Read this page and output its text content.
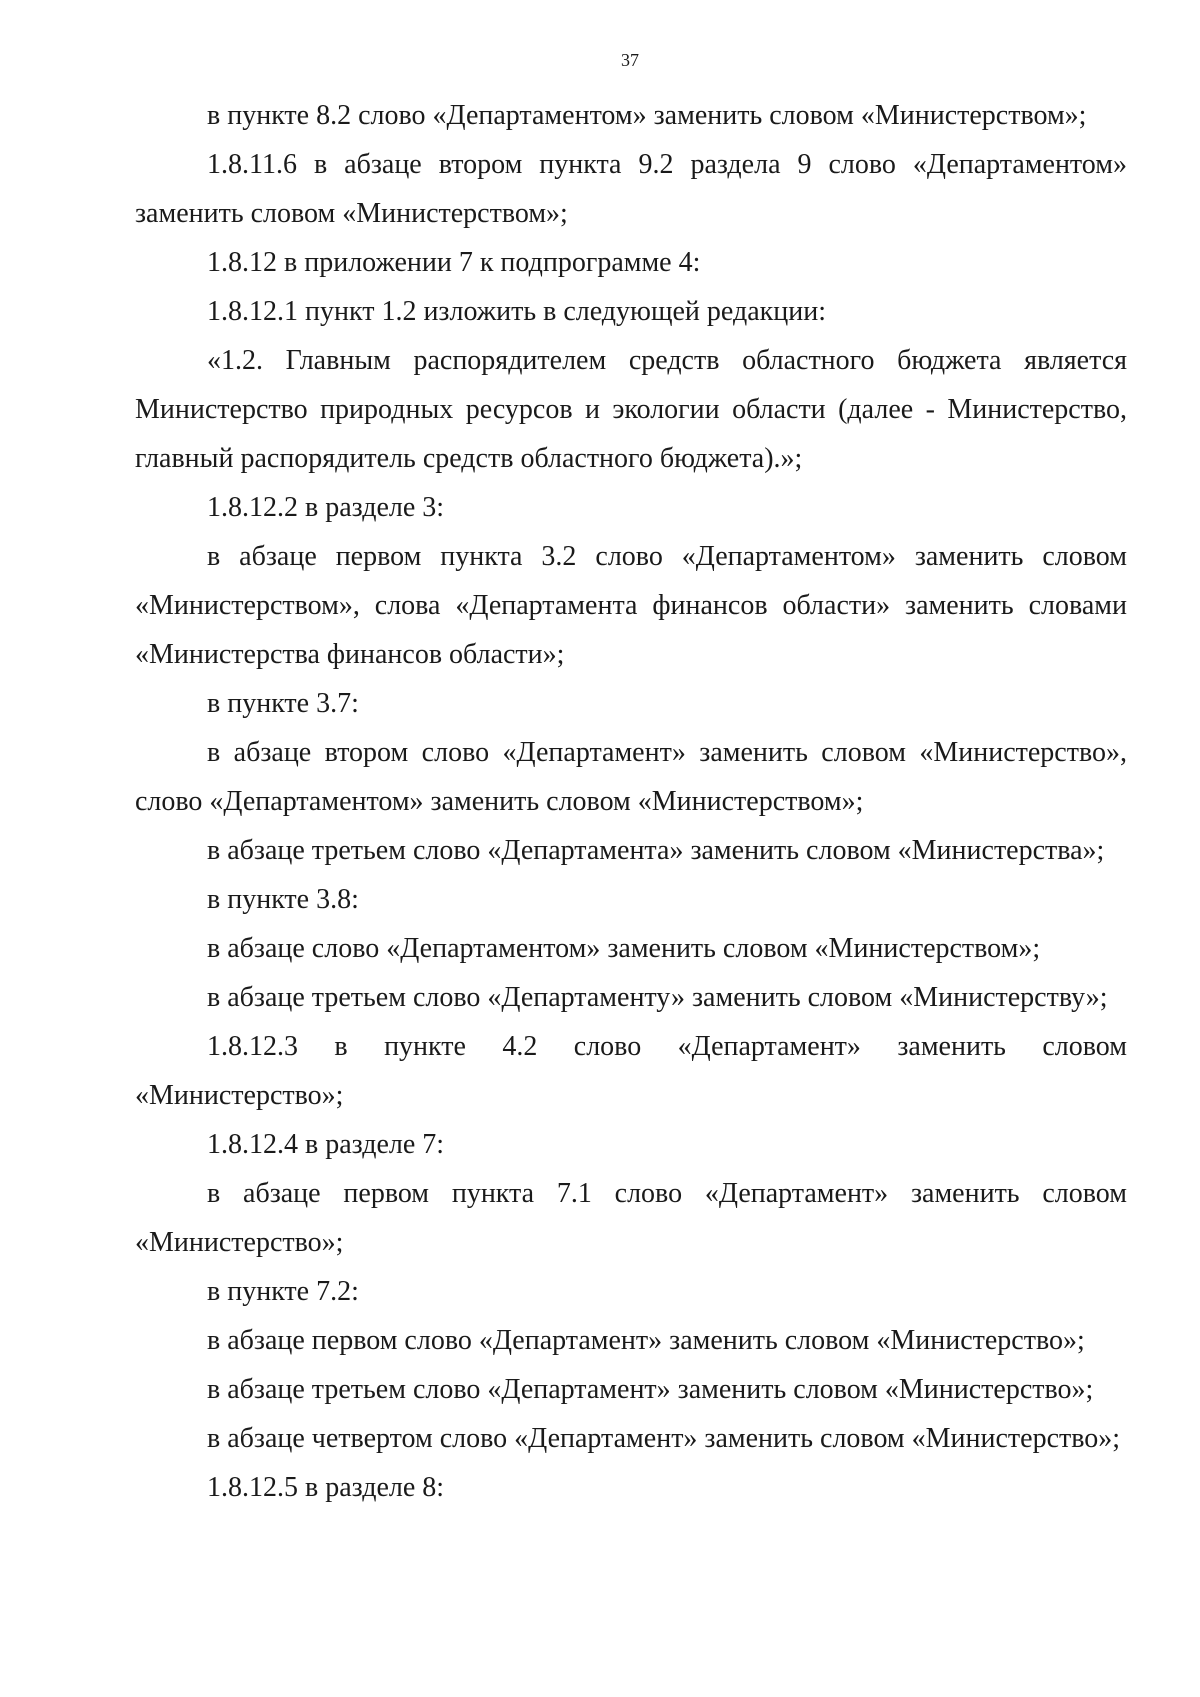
37

в пункте 8.2 слово «Департаментом» заменить словом «Министерством»;

1.8.11.6 в абзаце втором пункта 9.2 раздела 9 слово «Департаментом» заменить словом «Министерством»;

1.8.12 в приложении 7 к подпрограмме 4:

1.8.12.1 пункт 1.2 изложить в следующей редакции:

«1.2. Главным распорядителем средств областного бюджета является Министерство природных ресурсов и экологии области (далее - Министерство, главный распорядитель средств областного бюджета).»;

1.8.12.2 в разделе 3:

в абзаце первом пункта 3.2 слово «Департаментом» заменить словом «Министерством», слова «Департамента финансов области» заменить словами «Министерства финансов области»;

в пункте 3.7:

в абзаце втором слово «Департамент» заменить словом «Министерство», слово «Департаментом» заменить словом «Министерством»;

в абзаце третьем слово «Департамента» заменить словом «Министерства»;

в пункте 3.8:

в абзаце слово «Департаментом» заменить словом «Министерством»;

в абзаце третьем слово «Департаменту» заменить словом «Министерству»;

1.8.12.3 в пункте 4.2 слово «Департамент» заменить словом «Министерство»;

1.8.12.4 в разделе 7:

в абзаце первом пункта 7.1 слово «Департамент» заменить словом «Министерство»;

в пункте 7.2:

в абзаце первом слово «Департамент» заменить словом «Министерство»;

в абзаце третьем слово «Департамент» заменить словом «Министерство»;

в абзаце четвертом слово «Департамент» заменить словом «Министерство»;

1.8.12.5 в разделе 8:
